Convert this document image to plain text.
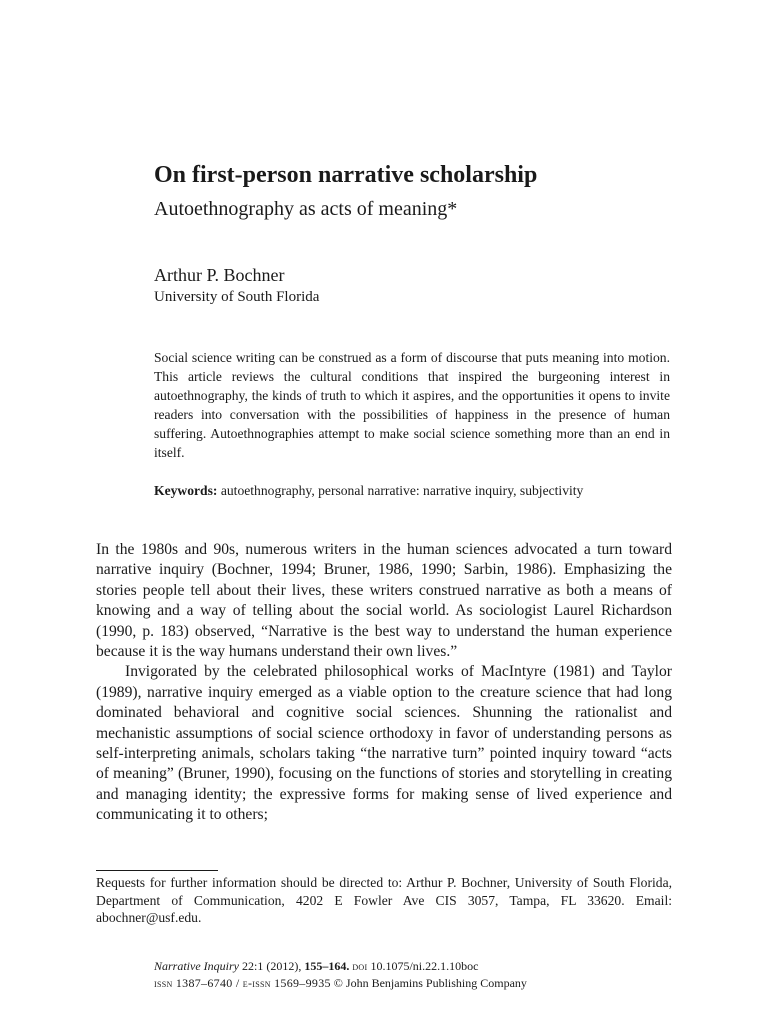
On first-person narrative scholarship
Autoethnography as acts of meaning*
Arthur P. Bochner
University of South Florida

Social science writing can be construed as a form of discourse that puts meaning into motion. This article reviews the cultural conditions that inspired the burgeoning interest in autoethnography, the kinds of truth to which it aspires, and the opportunities it opens to invite readers into conversation with the possibilities of happiness in the presence of human suffering. Autoethnographies attempt to make social science something more than an end in itself.

Keywords: autoethnography, personal narrative: narrative inquiry, subjectivity

In the 1980s and 90s, numerous writers in the human sciences advocated a turn toward narrative inquiry (Bochner, 1994; Bruner, 1986, 1990; Sarbin, 1986). Emphasizing the stories people tell about their lives, these writers construed narrative as both a means of knowing and a way of telling about the social world. As sociologist Laurel Richardson (1990, p. 183) observed, “Narrative is the best way to understand the human experience because it is the way humans understand their own lives.”

Invigorated by the celebrated philosophical works of MacIntyre (1981) and Taylor (1989), narrative inquiry emerged as a viable option to the creature science that had long dominated behavioral and cognitive social sciences. Shunning the rationalist and mechanistic assumptions of social science orthodoxy in favor of understanding persons as self-interpreting animals, scholars taking “the narrative turn” pointed inquiry toward “acts of meaning” (Bruner, 1990), focusing on the functions of stories and storytelling in creating and managing identity; the expressive forms for making sense of lived experience and communicating it to others;

Requests for further information should be directed to: Arthur P. Bochner, University of South Florida, Department of Communication, 4202 E Fowler Ave CIS 3057, Tampa, FL 33620. Email: abochner@usf.edu.

Narrative Inquiry 22:1 (2012), 155–164. doi 10.1075/ni.22.1.10boc
issn 1387–6740 / e-issn 1569–9935 © John Benjamins Publishing Company
